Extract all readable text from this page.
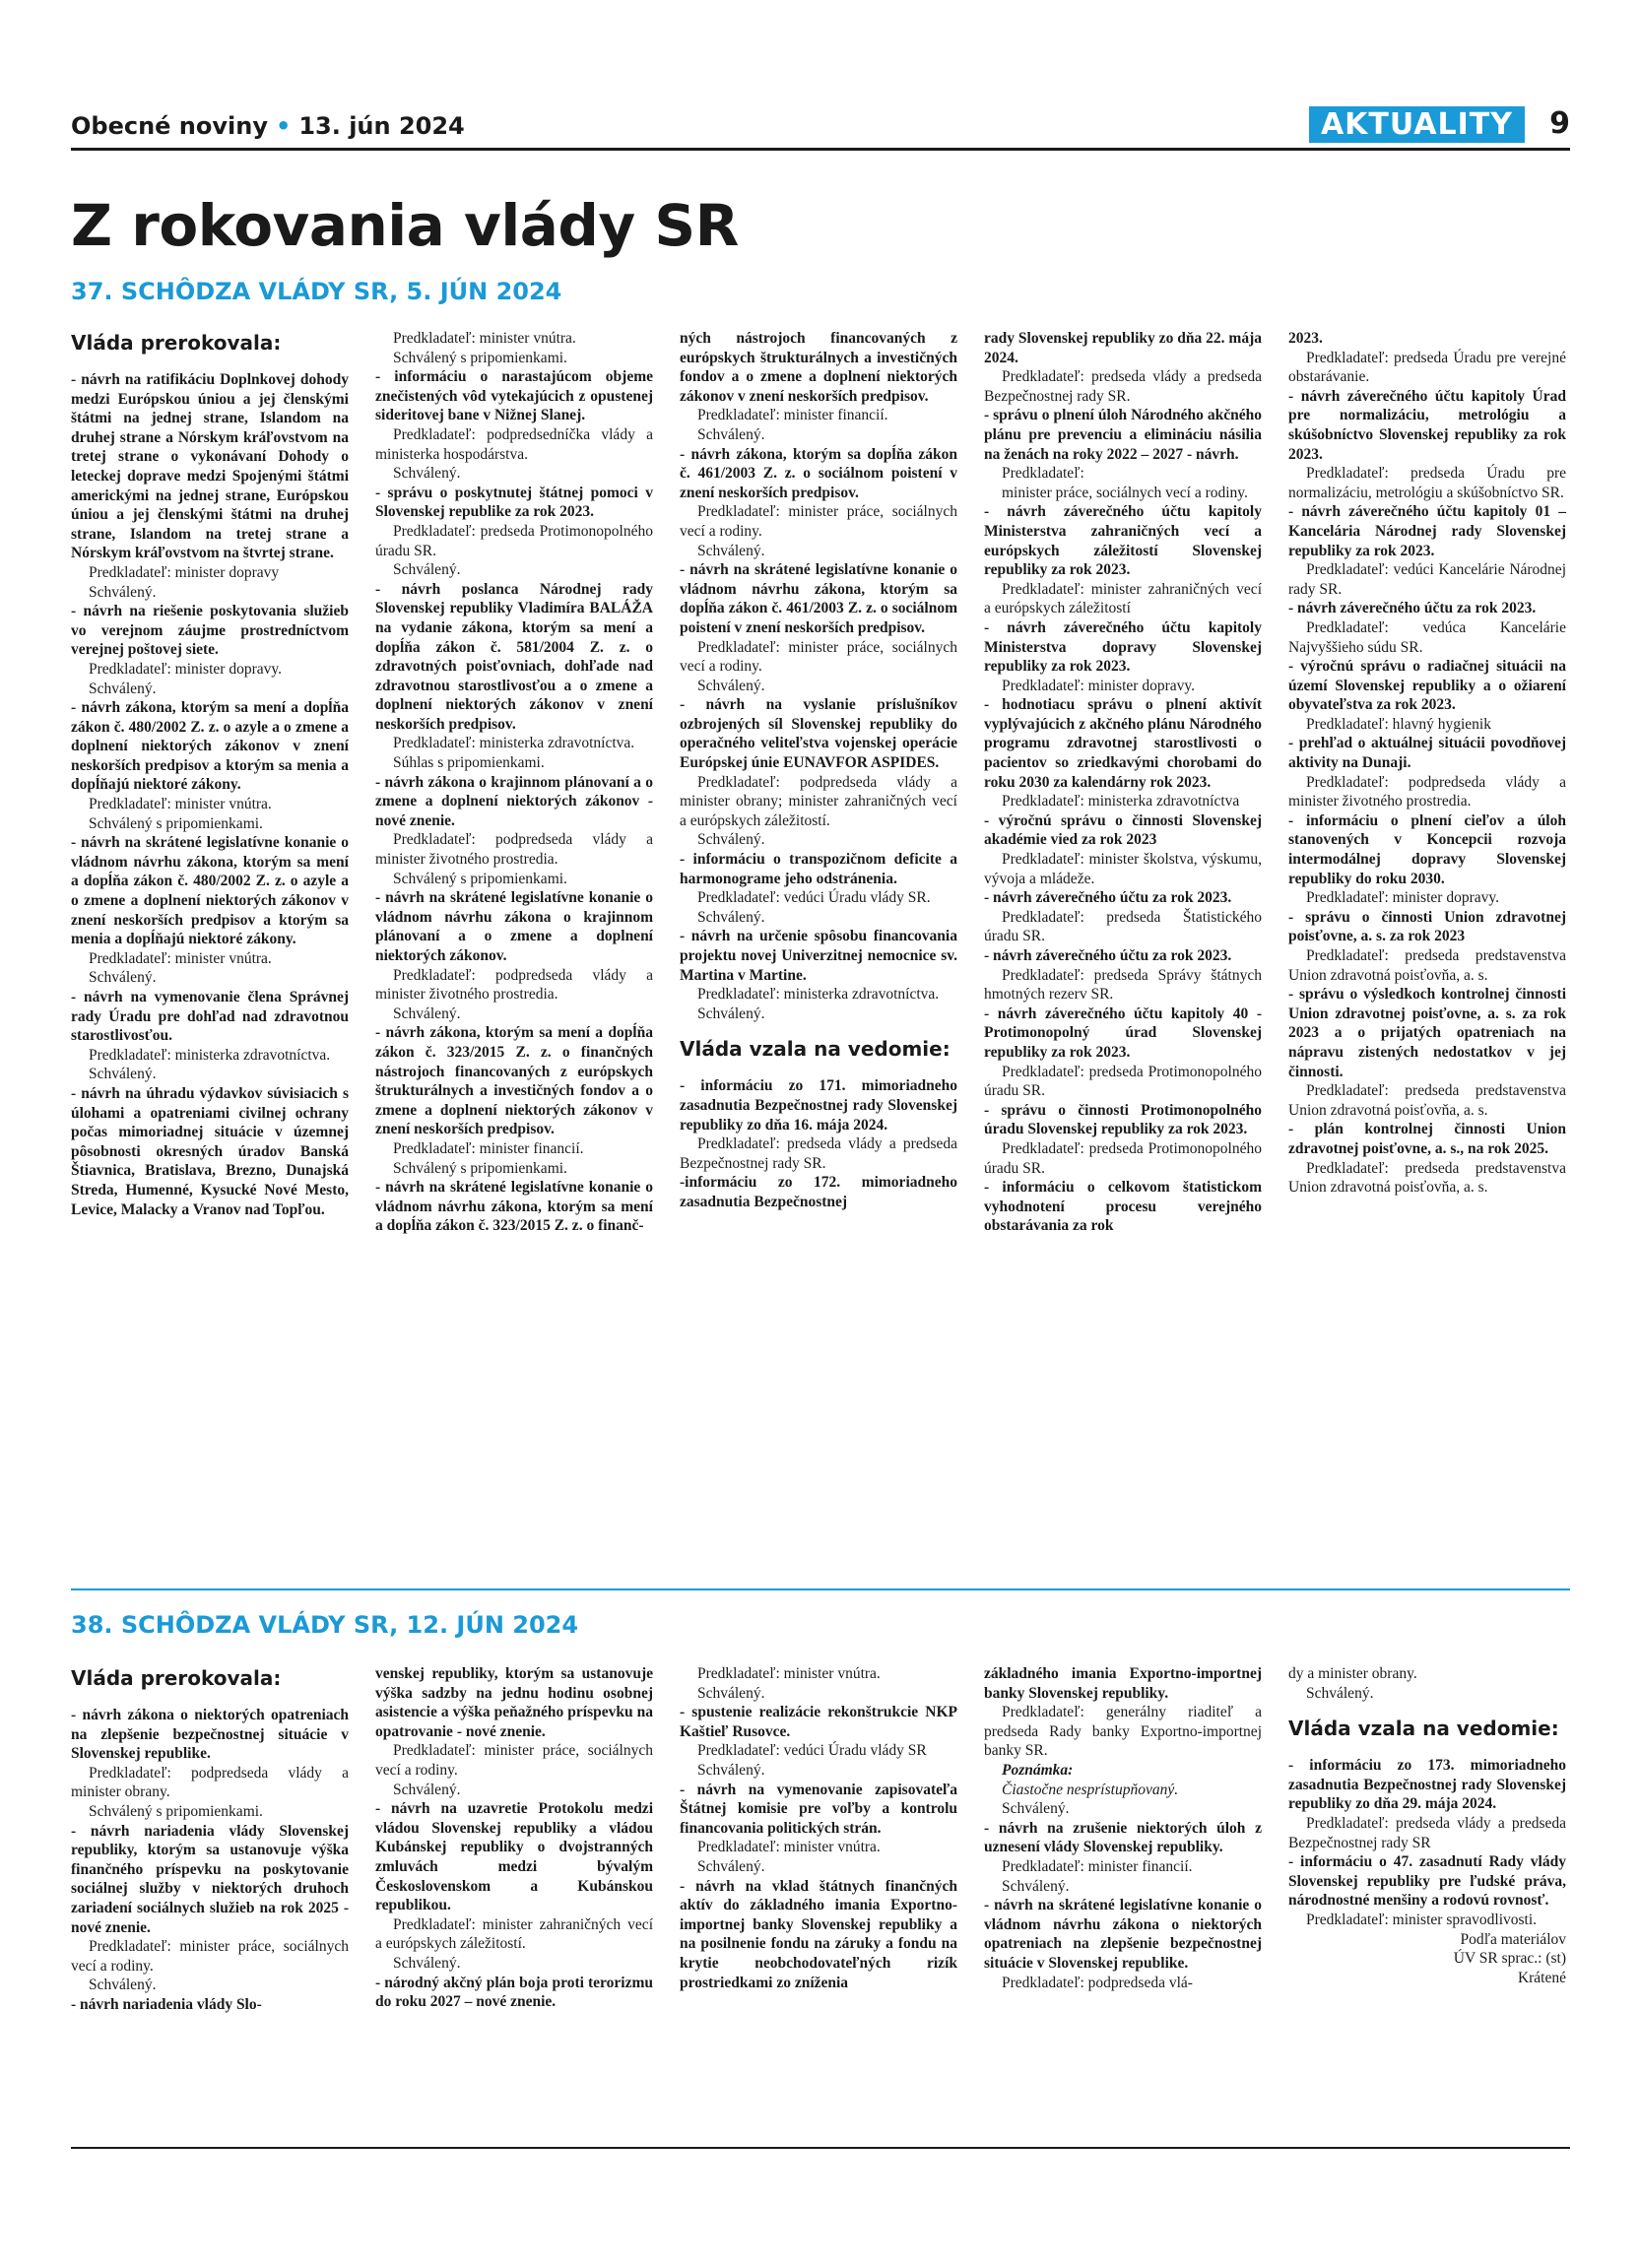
Obecné noviny • 13. jún 2024	AKTUALITY	9
Z rokovania vlády SR
37. SCHÔDZA VLÁDY SR, 5. JÚN 2024

Vláda prerokovala:

- návrh na ratifikáciu Doplnkovej dohody medzi Európskou úniou a jej členskými štátmi na jednej strane, Islandom na druhej strane a Nórskym kráľovstvom na tretej strane o vykonávaní Dohody o leteckej doprave medzi Spojenými štátmi americkými na jednej strane, Európskou úniou a jej členskými štátmi na druhej strane, Islandom na tretej strane a Nórskym kráľovstvom na štvrtej strane.

Predkladateľ: minister dopravy

Schválený.

- návrh na riešenie poskytovania služieb vo verejnom záujme prostredníctvom verejnej poštovej siete.

Predkladateľ: minister dopravy.

Schválený.

- návrh zákona, ktorým sa mení a dopĺňa zákon č. 480/2002 Z. z. o azyle a o zmene a doplnení niektorých zákonov v znení neskorších predpisov a ktorým sa menia a dopĺňajú niektoré zákony.

Predkladateľ: minister vnútra.

Schválený s pripomienkami.

- návrh na skrátené legislatívne konanie o vládnom návrhu zákona, ktorým sa mení a dopĺňa zákon č. 480/2002 Z. z. o azyle a o zmene a doplnení niektorých zákonov v znení neskorších predpisov a ktorým sa menia a dopĺňajú niektoré zákony.

Predkladateľ: minister vnútra.

Schválený.

- návrh na vymenovanie člena Správnej rady Úradu pre dohľad nad zdravotnou starostlivosťou.

Predkladateľ: ministerka zdravotníctva.

Schválený.

- návrh na úhradu výdavkov súvisiacich s úlohami a opatreniami civilnej ochrany počas mimoriadnej situácie v územnej pôsobnosti okresných úradov Banská Štiavnica, Bratislava, Brezno, Dunajská Streda, Humenné, Kysucké Nové Mesto, Levice, Malacky a Vranov nad Topľou.

Predkladateľ: minister vnútra.

Schválený s pripomienkami.

- informáciu o narastajúcom objeme znečistených vôd vytekajúcich z opustenej sideritovej bane v Nižnej Slanej.

Predkladateľ: podpredsedníčka vlády a ministerka hospodárstva.

Schválený.

- správu o poskytnutej štátnej pomoci v Slovenskej republike za rok 2023.

Predkladateľ: predseda Protimonopolného úradu SR.

Schválený.

- návrh poslanca Národnej rady Slovenskej republiky Vladimíra BALÁŽA na vydanie zákona, ktorým sa mení a dopĺňa zákon č. 581/2004 Z. z. o zdravotných poisťovniach, dohľade nad zdravotnou starostlivosťou a o zmene a doplnení niektorých zákonov v znení neskorších predpisov.

Predkladateľ: ministerka zdravotníctva.

Súhlas s pripomienkami.

- návrh zákona o krajinnom plánovaní a o zmene a doplnení niektorých zákonov - nové znenie.

Predkladateľ: podpredseda vlády a minister životného prostredia.

Schválený s pripomienkami.

- návrh na skrátené legislatívne konanie o vládnom návrhu zákona o krajinnom plánovaní a o zmene a doplnení niektorých zákonov.

Predkladateľ: podpredseda vlády a minister životného prostredia.

Schválený.

- návrh zákona, ktorým sa mení a dopĺňa zákon č. 323/2015 Z. z. o finančných nástrojoch financovaných z európskych štrukturálnych a investičných fondov a o zmene a doplnení niektorých zákonov v znení neskorších predpisov.

Predkladateľ: minister financií.

Schválený s pripomienkami.

- návrh na skrátené legislatívne konanie o vládnom návrhu zákona, ktorým sa mení a dopĺňa zákon č. 323/2015 Z. z. o finanč-

ných nástrojoch financovaných z európskych štrukturálnych a investičných fondov a o zmene a doplnení niektorých zákonov v znení neskorších predpisov.

Predkladateľ: minister financií.

Schválený.

- návrh zákona, ktorým sa dopĺňa zákon č. 461/2003 Z. z. o sociálnom poistení v znení neskorších predpisov.

Predkladateľ: minister práce, sociálnych vecí a rodiny.

Schválený.

- návrh na skrátené legislatívne konanie o vládnom návrhu zákona, ktorým sa dopĺňa zákon č. 461/2003 Z. z. o sociálnom poistení v znení neskorších predpisov.

Predkladateľ: minister práce, sociálnych vecí a rodiny.

Schválený.

- návrh na vyslanie príslušníkov ozbrojených síl Slovenskej republiky do operačného veliteľstva vojenskej operácie Európskej únie EUNAVFOR ASPIDES.

Predkladateľ: podpredseda vlády a minister obrany; minister zahraničných vecí a európskych záležitostí.

Schválený.

- informáciu o transpozičnom deficite a harmonograme jeho odstránenia.

Predkladateľ: vedúci Úradu vlády SR.

Schválený.

- návrh na určenie spôsobu financovania projektu novej Univerzitnej nemocnice sv. Martina v Martine.

Predkladateľ: ministerka zdravotníctva.

Schválený.

Vláda vzala na vedomie:

- informáciu zo 171. mimoriadneho zasadnutia Bezpečnostnej rady Slovenskej republiky zo dňa 16. mája 2024.

Predkladateľ: predseda vlády a predseda Bezpečnostnej rady SR.

-informáciu zo 172. mimoriadneho zasadnutia Bezpečnostnej

rady Slovenskej republiky zo dňa 22. mája 2024.

Predkladateľ: predseda vlády a predseda Bezpečnostnej rady SR.

- správu o plnení úloh Národného akčného plánu pre prevenciu a elimináciu násilia na ženách na roky 2022 – 2027 - návrh.

Predkladateľ:

minister práce, sociálnych vecí a rodiny.

- návrh záverečného účtu kapitoly Ministerstva zahraničných vecí a európskych záležitostí Slovenskej republiky za rok 2023.

Predkladateľ: minister zahraničných vecí a európskych záležitostí

- návrh záverečného účtu kapitoly Ministerstva dopravy Slovenskej republiky za rok 2023.

Predkladateľ: minister dopravy.

- hodnotiacu správu o plnení aktivít vyplývajúcich z akčného plánu Národného programu zdravotnej starostlivosti o pacientov so zriedkavými chorobami do roku 2030 za kalendárny rok 2023.

Predkladateľ: ministerka zdravotníctva

- výročnú správu o činnosti Slovenskej akadémie vied za rok 2023

Predkladateľ: minister školstva, výskumu, vývoja a mládeže.

- návrh záverečného účtu za rok 2023.

Predkladateľ: predseda Štatistického úradu SR.

- návrh záverečného účtu za rok 2023.

Predkladateľ: predseda Správy štátnych hmotných rezerv SR.

- návrh záverečného účtu kapitoly 40 - Protimonopolný úrad Slovenskej republiky za rok 2023.

Predkladateľ: predseda Protimonopolného úradu SR.

- správu o činnosti Protimonopolného úradu Slovenskej republiky za rok 2023.

Predkladateľ: predseda Protimonopolného úradu SR.

- informáciu o celkovom štatistickom vyhodnotení procesu verejného obstarávania za rok

2023.

Predkladateľ: predseda Úradu pre verejné obstarávanie.

- návrh záverečného účtu kapitoly Úrad pre normalizáciu, metrológiu a skúšobníctvo Slovenskej republiky za rok 2023.

Predkladateľ: predseda Úradu pre normalizáciu, metrológiu a skúšobníctvo SR.

- návrh záverečného účtu kapitoly 01 – Kancelária Národnej rady Slovenskej republiky za rok 2023.

Predkladateľ: vedúci Kancelárie Národnej rady SR.

- návrh záverečného účtu za rok 2023.

Predkladateľ: vedúca Kancelárie Najvyššieho súdu SR.

- výročnú správu o radiačnej situácii na území Slovenskej republiky a o ožiarení obyvateľstva za rok 2023.

Predkladateľ: hlavný hygienik

- prehľad o aktuálnej situácii povodňovej aktivity na Dunaji.

Predkladateľ: podpredseda vlády a minister životného prostredia.

- informáciu o plnení cieľov a úloh stanovených v Koncepcii rozvoja intermodálnej dopravy Slovenskej republiky do roku 2030.

Predkladateľ: minister dopravy.

- správu o činnosti Union zdravotnej poisťovne, a. s. za rok 2023

Predkladateľ: predseda predstavenstva Union zdravotná poisťovňa, a. s.

- správu o výsledkoch kontrolnej činnosti Union zdravotnej poisťovne, a. s. za rok 2023 a o prijatých opatreniach na nápravu zistených nedostatkov v jej činnosti.

Predkladateľ: predseda predstavenstva Union zdravotná poisťovňa, a. s.

- plán kontrolnej činnosti Union zdravotnej poisťovne, a. s., na rok 2025.

Predkladateľ: predseda predstavenstva Union zdravotná poisťovňa, a. s.

38. SCHÔDZA VLÁDY SR, 12. JÚN 2024

Vláda prerokovala:

- návrh zákona o niektorých opatreniach na zlepšenie bezpečnostnej situácie v Slovenskej republike.

Predkladateľ: podpredseda vlády a minister obrany.

Schválený s pripomienkami.

- návrh nariadenia vlády Slovenskej republiky, ktorým sa ustanovuje výška finančného príspevku na poskytovanie sociálnej služby v niektorých druhoch zariadení sociálnych služieb na rok 2025 - nové znenie.

Predkladateľ: minister práce, sociálnych vecí a rodiny.

Schválený.

- návrh nariadenia vlády Slo-

venskej republiky, ktorým sa ustanovuje výška sadzby na jednu hodinu osobnej asistencie a výška peňažného príspevku na opatrovanie - nové znenie.

Predkladateľ: minister práce, sociálnych vecí a rodiny.

Schválený.

- návrh na uzavretie Protokolu medzi vládou Slovenskej republiky a vládou Kubánskej republiky o dvojstranných zmluvách medzi bývalým Československom a Kubánskou republikou.

Predkladateľ: minister zahraničných vecí a európskych záležitostí.

Schválený.

- národný akčný plán boja proti terorizmu do roku 2027 – nové znenie.

Predkladateľ: minister vnútra.

Schválený.

- spustenie realizácie rekonštrukcie NKP Kaštieľ Rusovce.

Predkladateľ: vedúci Úradu vlády SR

Schválený.

- návrh na vymenovanie zapisovateľa Štátnej komisie pre voľby a kontrolu financovania politických strán.

Predkladateľ: minister vnútra.

Schválený.

- návrh na vklad štátnych finančných aktív do základného imania Exportno-importnej banky Slovenskej republiky a na posilnenie fondu na záruky a fondu na krytie neobchodovateľných rizík prostriedkami zo zníženia

základného imania Exportno-importnej banky Slovenskej republiky.

Predkladateľ: generálny riaditeľ a predseda Rady banky Exportno-importnej banky SR.

Poznámka:

Čiastočne nesprístupňovaný.

Schválený.

- návrh na zrušenie niektorých úloh z uznesení vlády Slovenskej republiky.

Predkladateľ: minister financií.

Schválený.

- návrh na skrátené legislatívne konanie o vládnom návrhu zákona o niektorých opatreniach na zlepšenie bezpečnostnej situácie v Slovenskej republike.

Predkladateľ: podpredseda vlá-

dy a minister obrany.

Schválený.

Vláda vzala na vedomie:

- informáciu zo 173. mimoriadneho zasadnutia Bezpečnostnej rady Slovenskej republiky zo dňa 29. mája 2024.

Predkladateľ: predseda vlády a predseda Bezpečnostnej rady SR

- informáciu o 47. zasadnutí Rady vlády Slovenskej republiky pre ľudské práva, národnostné menšiny a rodovú rovnosť.

Predkladateľ: minister spravodlivosti.

Podľa materiálov

ÚV SR sprac.: (st)

Krátené
